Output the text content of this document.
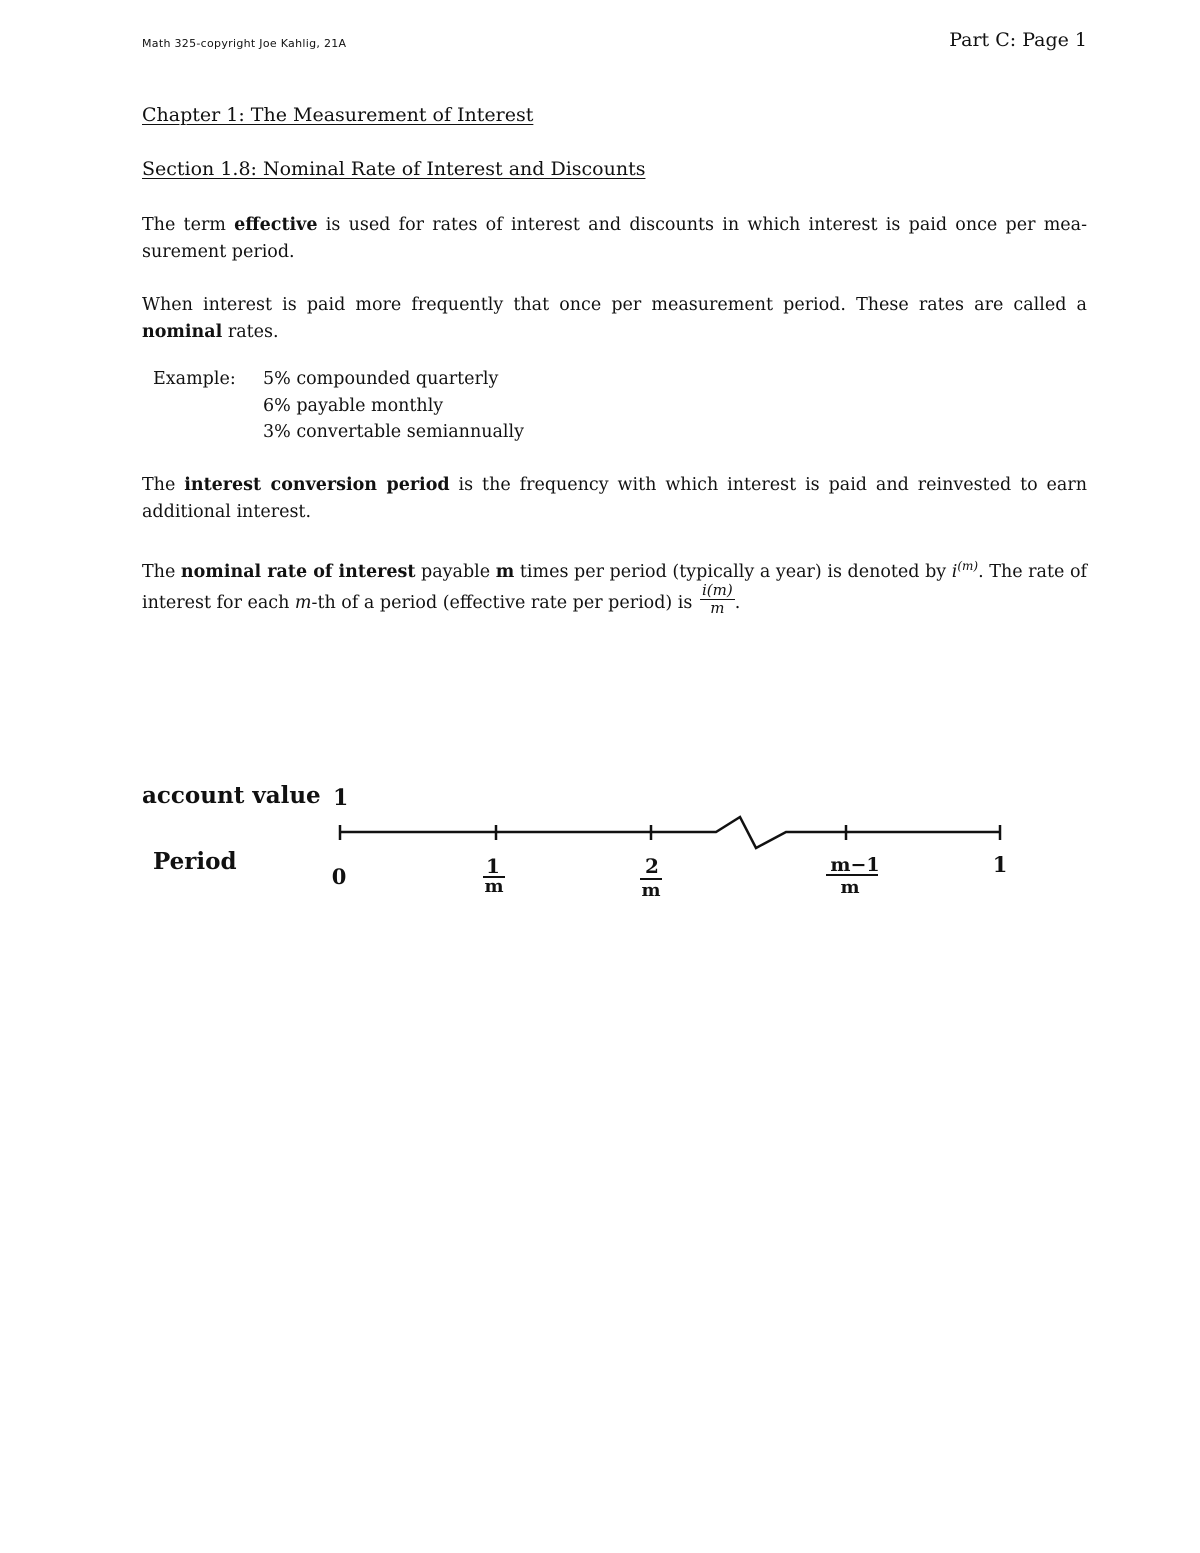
Math 325-copyright Joe Kahlig, 21A	Part C: Page 1
Chapter 1: The Measurement of Interest
Section 1.8: Nominal Rate of Interest and Discounts
The term effective is used for rates of interest and discounts in which interest is paid once per mea-surement period.
When interest is paid more frequently that once per measurement period. These rates are called a nominal rates.
Example:	5% compounded quarterly
6% payable monthly
3% convertable semiannually
The interest conversion period is the frequency with which interest is paid and reinvested to earn additional interest.
The nominal rate of interest payable m times per period (typically a year) is denoted by $i^{(m)}$. The rate of interest for each m-th of a period (effective rate per period) is $\frac{i(m)}{m}$ .
account value
Period
1
0	1
m
2
m
m−1
m
1
